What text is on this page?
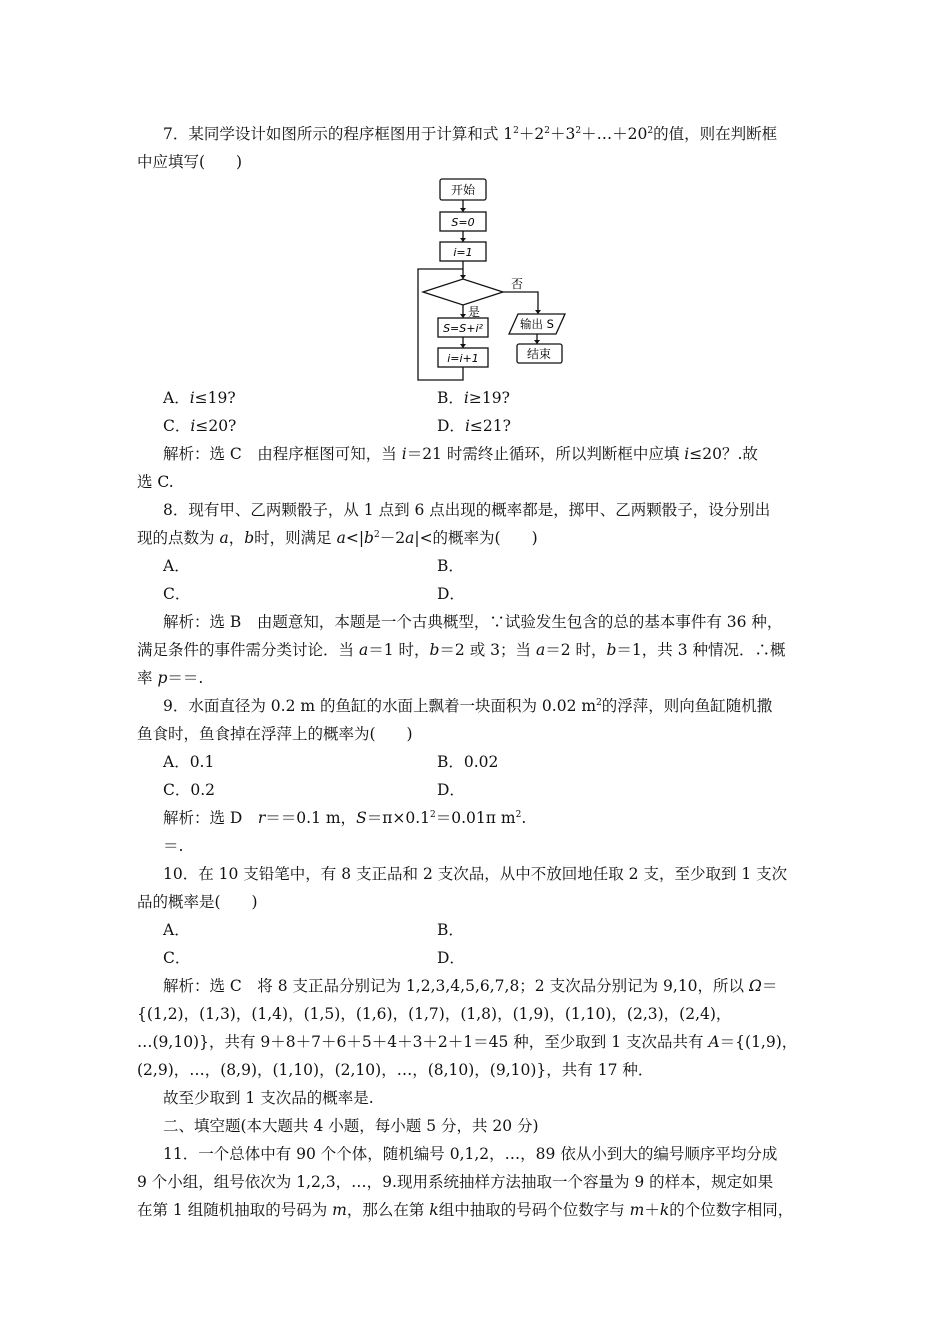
7．某同学设计如图所示的程序框图用于计算和式 $1^2+2^2+3^2+\dots+20^2$的值，则在判断框
中应填写(　　)
开始
S=0
i=1
否
是
S=S+i²
i=i+1
输出 S
结束
A．i≤19?	B．i≥19?
C．i≤20?	D．i≤21?
解析：选 C　由程序框图可知，当 i＝21 时需终止循环，所以判断框中应填 i≤20？.故
选 C.
8．现有甲、乙两颗骰子，从 1 点到 6 点出现的概率都是，掷甲、乙两颗骰子，设分别出
现的点数为 a，b时，则满足 $a<|b^2-2a|<$的概率为(　　)
A．	B．
C．	D．
解析：选 B　由题意知，本题是一个古典概型，∵试验发生包含的总的基本事件有 36 种，
满足条件的事件需分类讨论．当 a＝1 时，b＝2 或 3；当 a＝2 时，b＝1，共 3 种情况．∴概
率 p＝＝.
9．水面直径为 0.2 m 的鱼缸的水面上飘着一块面积为 0.02 $m^2$的浮萍，则向鱼缸随机撒
鱼食时，鱼食掉在浮萍上的概率为(　　)
A．0.1	B．0.02
C．0.2	D．
解析：选 D　r＝＝0.1 m，$S=\pi\times 0.1^2=0.01\pi$ $m^2$.
＝.
10．在 10 支铅笔中，有 8 支正品和 2 支次品，从中不放回地任取 2 支，至少取到 1 支次
品的概率是(　　)
A．	B．
C．	D．
解析：选 C　将 8 支正品分别记为 1,2,3,4,5,6,7,8；2 支次品分别记为 9,10，所以 Ω＝
{(1,2)，(1,3)，(1,4)，(1,5)，(1,6)，(1,7)，(1,8)，(1,9)，(1,10)，(2,3)，(2,4)，
…(9,10)}，共有 9＋8＋7＋6＋5＋4＋3＋2＋1＝45 种，至少取到 1 支次品共有 A＝{(1,9)，
(2,9)，…，(8,9)，(1,10)，(2,10)，…，(8,10)，(9,10)}，共有 17 种．
故至少取到 1 支次品的概率是.
二、填空题(本大题共 4 小题，每小题 5 分，共 20 分)
11．一个总体中有 90 个个体，随机编号 0,1,2，…，89 依从小到大的编号顺序平均分成
9 个小组，组号依次为 1,2,3，…，9.现用系统抽样方法抽取一个容量为 9 的样本，规定如果
在第 1 组随机抽取的号码为 m，那么在第 k组中抽取的号码个位数字与 m＋k的个位数字相同，
